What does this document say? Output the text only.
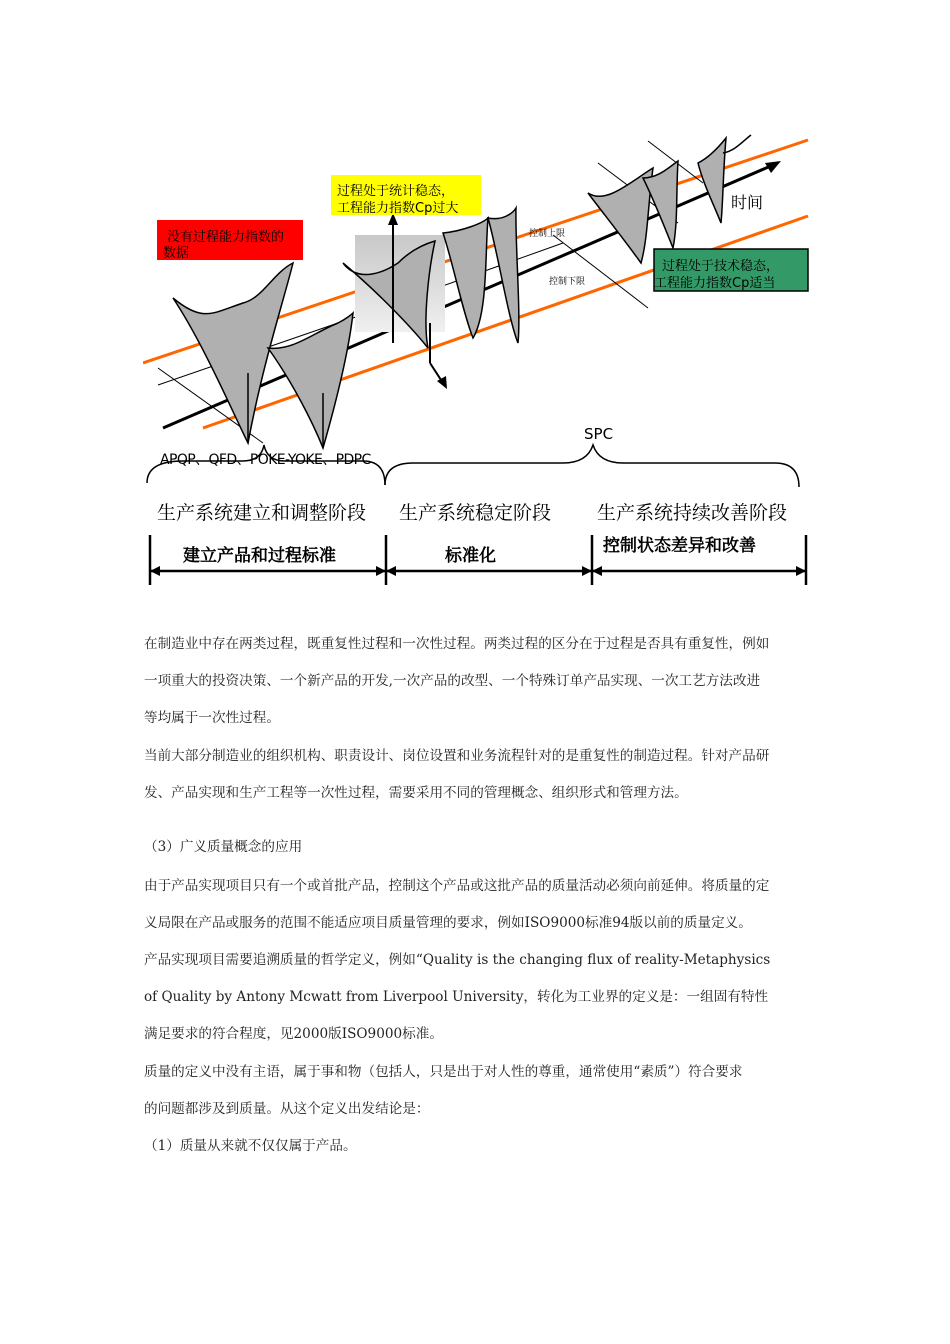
时间
控制上限
控制下限
没有过程能力指数的
数据
过程处于统计稳态，
工程能力指数Cp过大
过程处于技术稳态，
工程能力指数Cp适当
SPC
APQP、QFD、POKE-YOKE、PDPC
生产系统建立和调整阶段 生产系统稳定阶段 生产系统持续改善阶段
建立产品和过程标准	标准化	控制状态差异和改善

在制造业中存在两类过程，既重复性过程和一次性过程。两类过程的区分在于过程是否具有重复性，例如

一项重大的投资决策、一个新产品的开发,一次产品的改型、一个特殊订单产品实现、一次工艺方法改进

等均属于一次性过程。

当前大部分制造业的组织机构、职责设计、岗位设置和业务流程针对的是重复性的制造过程。针对产品研

发、产品实现和生产工程等一次性过程，需要采用不同的管理概念、组织形式和管理方法。

（3）广义质量概念的应用

由于产品实现项目只有一个或首批产品，控制这个产品或这批产品的质量活动必须向前延伸。将质量的定

义局限在产品或服务的范围不能适应项目质量管理的要求，例如ISO9000标准94版以前的质量定义。

产品实现项目需要追溯质量的哲学定义，例如“Quality is the changing flux of reality-Metaphysics

of Quality by Antony Mcwatt from Liverpool University，转化为工业界的定义是：一组固有特性

满足要求的符合程度，见2000版ISO9000标准。

质量的定义中没有主语，属于事和物（包括人，只是出于对人性的尊重，通常使用“素质”）符合要求

的问题都涉及到质量。从这个定义出发结论是：

（1）质量从来就不仅仅属于产品。
